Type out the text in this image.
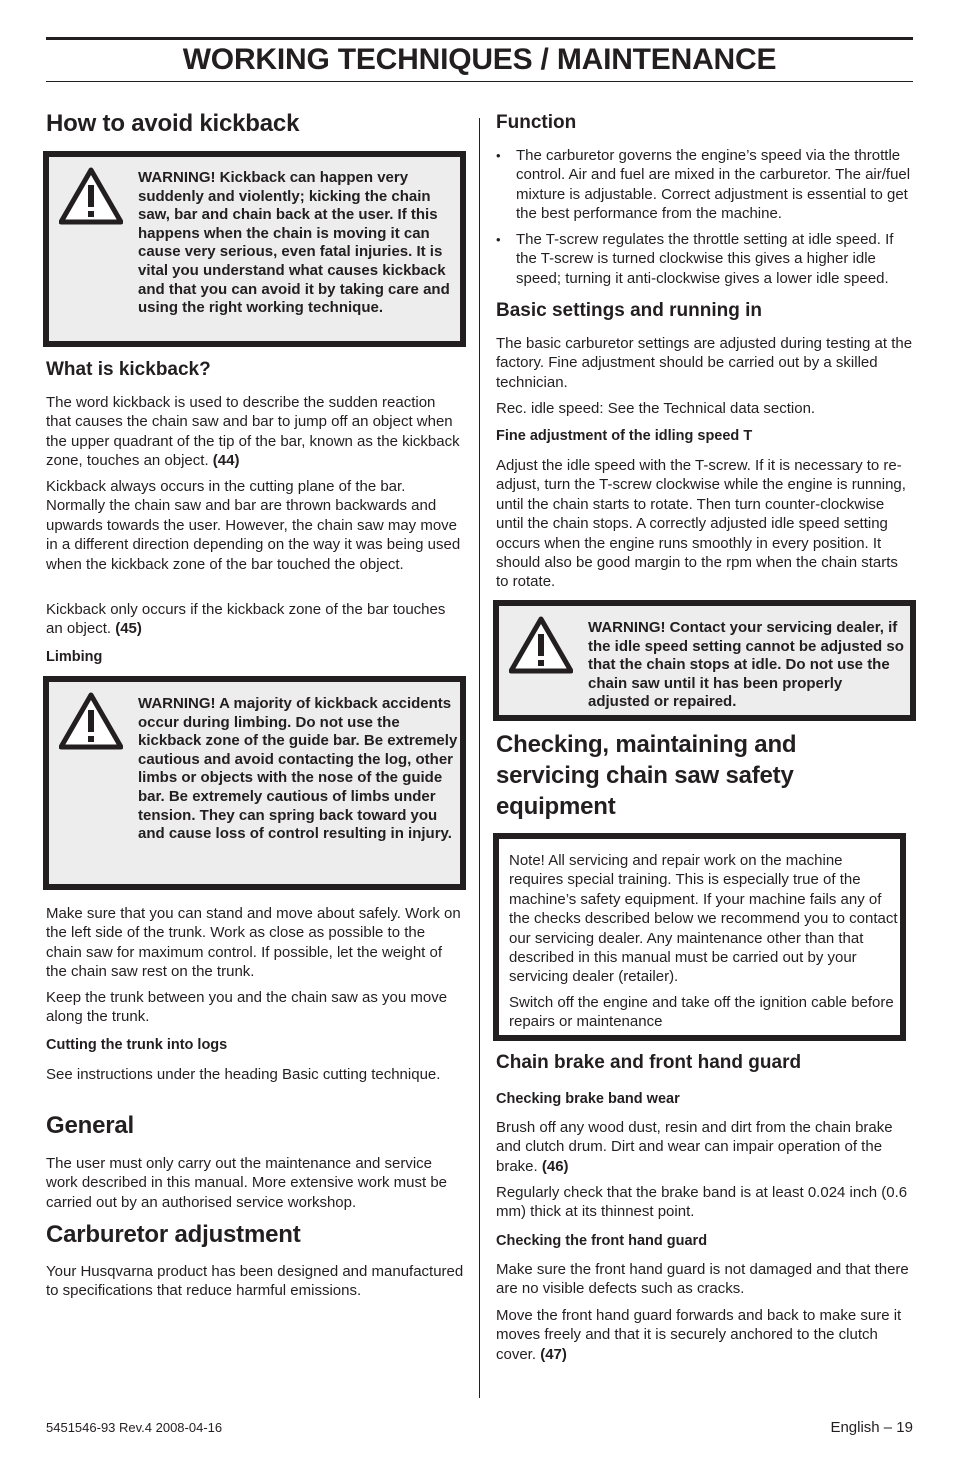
WORKING TECHNIQUES / MAINTENANCE
How to avoid kickback
WARNING! Kickback can happen very suddenly and violently; kicking the chain saw, bar and chain back at the user. If this happens when the chain is moving it can cause very serious, even fatal injuries. It is vital you understand what causes kickback and that you can avoid it by taking care and using the right working technique.
What is kickback?

The word kickback is used to describe the sudden reaction that causes the chain saw and bar to jump off an object when the upper quadrant of the tip of the bar, known as the kickback zone, touches an object. (44)

Kickback always occurs in the cutting plane of the bar. Normally the chain saw and bar are thrown backwards and upwards towards the user. However, the chain saw may move in a different direction depending on the way it was being used when the kickback zone of the bar touched the object.

Kickback only occurs if the kickback zone of the bar touches an object. (45)

Limbing
WARNING! A majority of kickback accidents occur during limbing. Do not use the kickback zone of the guide bar. Be extremely cautious and avoid contacting the log, other limbs or objects with the nose of the guide bar. Be extremely cautious of limbs under tension. They can spring back toward you and cause loss of control resulting in injury.

Make sure that you can stand and move about safely. Work on the left side of the trunk. Work as close as possible to the chain saw for maximum control. If possible, let the weight of the chain saw rest on the trunk.

Keep the trunk between you and the chain saw as you move along the trunk.

Cutting the trunk into logs

See instructions under the heading Basic cutting technique.

General

The user must only carry out the maintenance and service work described in this manual. More extensive work must be carried out by an authorised service workshop.

Carburetor adjustment

Your Husqvarna product has been designed and manufactured to specifications that reduce harmful emissions.

Function
• The carburetor governs the engine’s speed via the throttle control. Air and fuel are mixed in the carburetor. The air/fuel mixture is adjustable. Correct adjustment is essential to get the best performance from the machine.
• The T-screw regulates the throttle setting at idle speed. If the T-screw is turned clockwise this gives a higher idle speed; turning it anti-clockwise gives a lower idle speed.
Basic settings and running in

The basic carburetor settings are adjusted during testing at the factory. Fine adjustment should be carried out by a skilled technician.

Rec. idle speed: See the Technical data section.

Fine adjustment of the idling speed T

Adjust the idle speed with the T-screw. If it is necessary to re-adjust, turn the T-screw clockwise while the engine is running, until the chain starts to rotate. Then turn counter-clockwise until the chain stops. A correctly adjusted idle speed setting occurs when the engine runs smoothly in every position. It should also be good margin to the rpm when the chain starts to rotate.

WARNING! Contact your servicing dealer, if the idle speed setting cannot be adjusted so that the chain stops at idle. Do not use the chain saw until it has been properly adjusted or repaired.
Checking, maintaining and servicing chain saw safety equipment

Note! All servicing and repair work on the machine requires special training. This is especially true of the machine’s safety equipment. If your machine fails any of the checks described below we recommend you to contact our servicing dealer. Any maintenance other than that described in this manual must be carried out by your servicing dealer (retailer).

Switch off the engine and take off the ignition cable before repairs or maintenance

Chain brake and front hand guard
Checking brake band wear

Brush off any wood dust, resin and dirt from the chain brake and clutch drum. Dirt and wear can impair operation of the brake. (46)

Regularly check that the brake band is at least 0.024 inch (0.6 mm) thick at its thinnest point.

Checking the front hand guard

Make sure the front hand guard is not damaged and that there are no visible defects such as cracks.

Move the front hand guard forwards and back to make sure it moves freely and that it is securely anchored to the clutch cover. (47)

5451546-93 Rev.4 2008-04-16	English – 19
